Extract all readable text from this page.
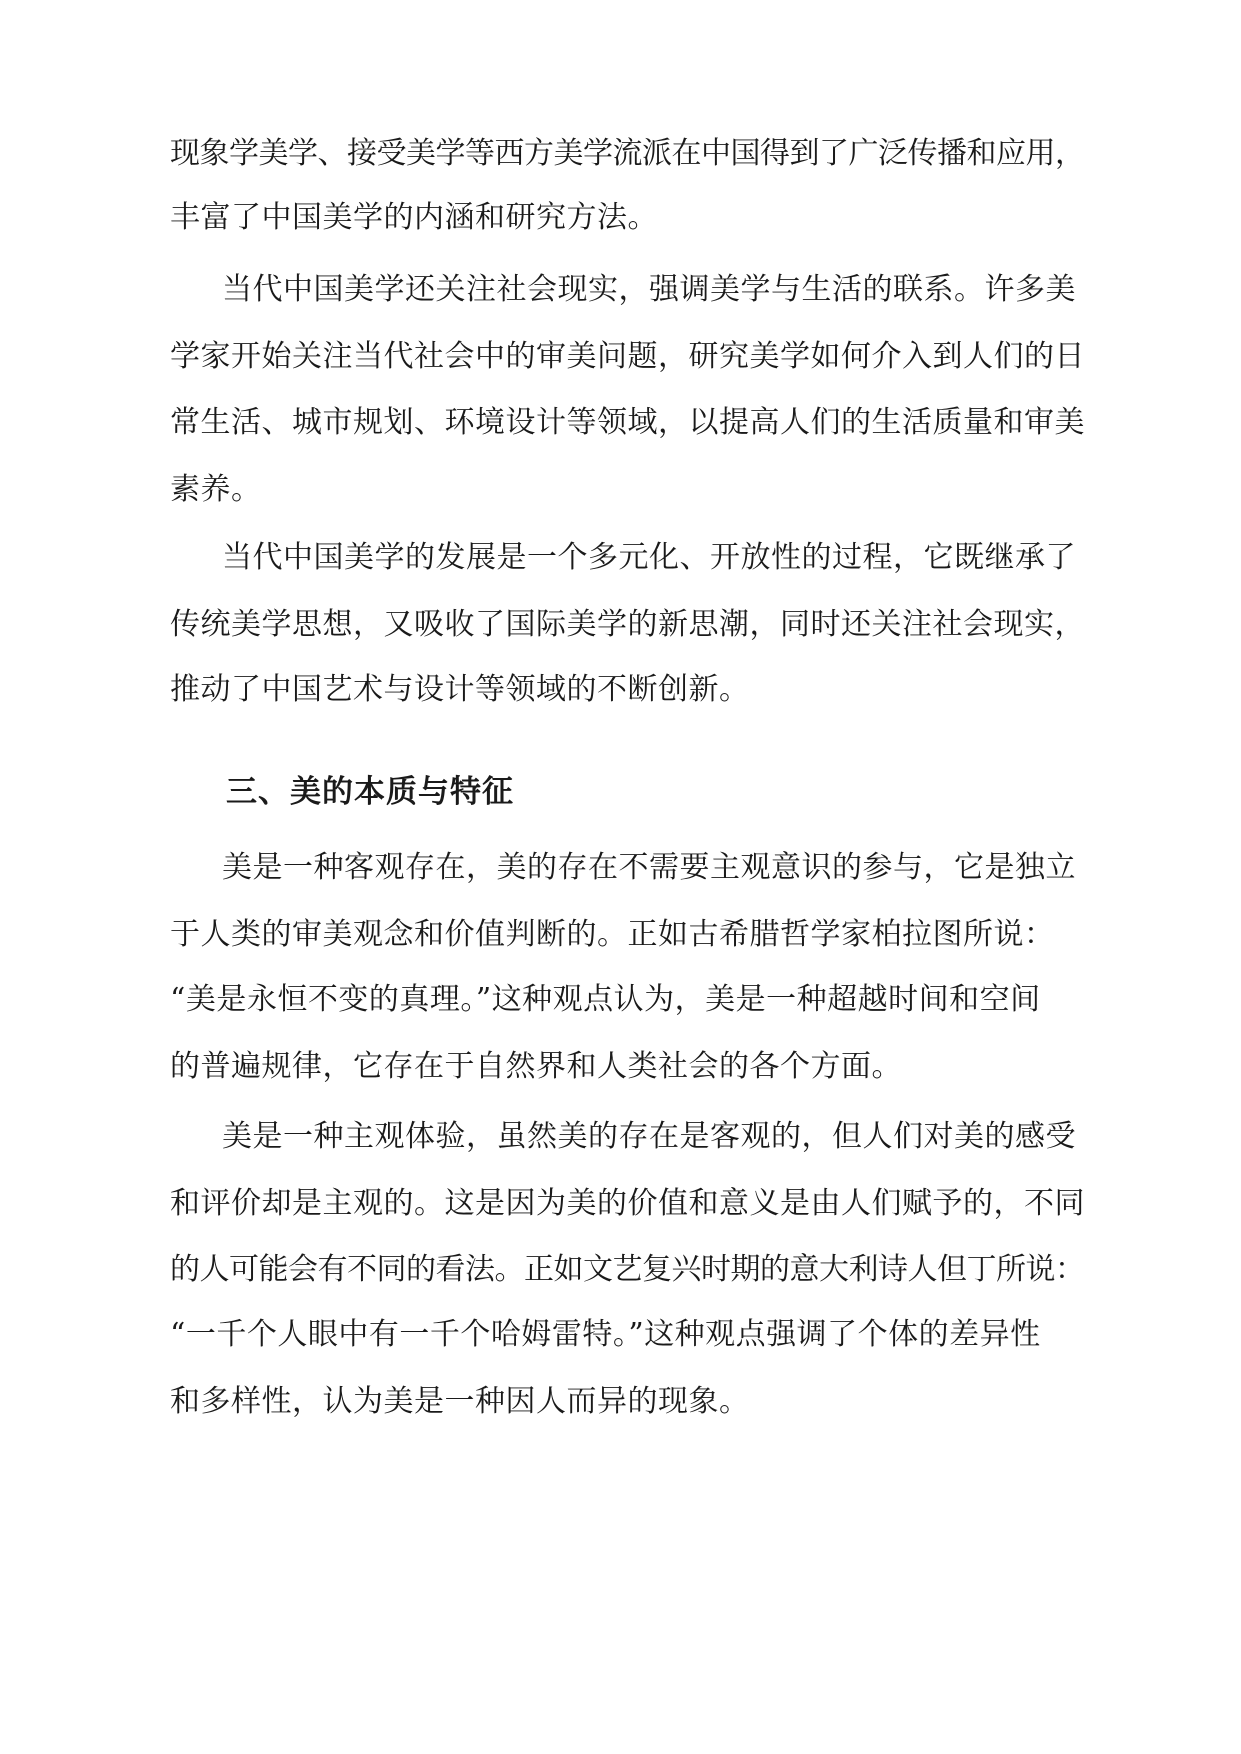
现象学美学、接受美学等西方美学流派在中国得到了广泛传播和应用，
丰富了中国美学的内涵和研究方法。
当代中国美学还关注社会现实，强调美学与生活的联系。许多美
学家开始关注当代社会中的审美问题，研究美学如何介入到人们的日
常生活、城市规划、环境设计等领域，以提高人们的生活质量和审美
素养。
当代中国美学的发展是一个多元化、开放性的过程，它既继承了
传统美学思想，又吸收了国际美学的新思潮，同时还关注社会现实，
推动了中国艺术与设计等领域的不断创新。
三、美的本质与特征
美是一种客观存在，美的存在不需要主观意识的参与，它是独立
于人类的审美观念和价值判断的。正如古希腊哲学家柏拉图所说：
“美是永恒不变的真理。”这种观点认为，美是一种超越时间和空间
的普遍规律，它存在于自然界和人类社会的各个方面。
美是一种主观体验，虽然美的存在是客观的，但人们对美的感受
和评价却是主观的。这是因为美的价值和意义是由人们赋予的，不同
的人可能会有不同的看法。正如文艺复兴时期的意大利诗人但丁所说：
“一千个人眼中有一千个哈姆雷特。”这种观点强调了个体的差异性
和多样性，认为美是一种因人而异的现象。
